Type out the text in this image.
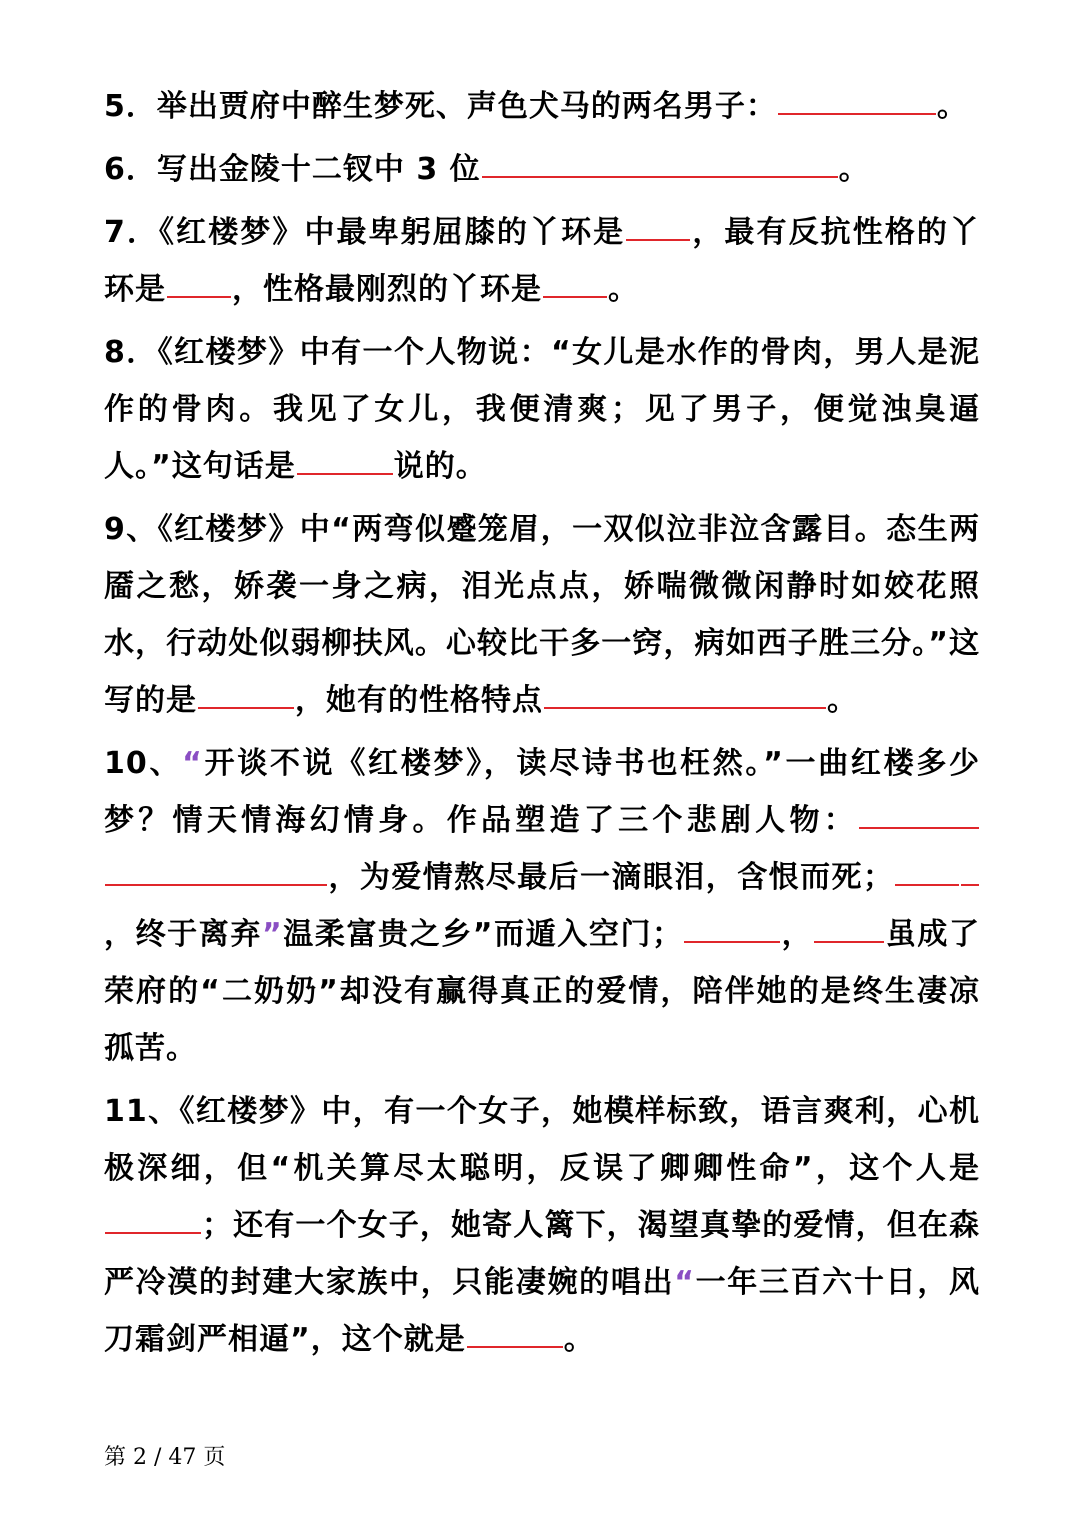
5．举出贾府中醉生梦死、声色犬马的两名男子：	。

6．写出金陵十二钗中 3 位	。

7．《红楼梦》中最卑躬屈膝的丫环是 ，最有反抗性格的丫环是 ，性格最刚烈的丫环是 。

8．《红楼梦》中有一个人物说：“女儿是水作的骨肉，男人是泥作的骨肉。我见了女儿，我便清爽；见了男子，便觉浊臭逼人。”这句话是	说的。

9、《红楼梦》中“两弯似蹙笼眉，一双似泣非泣含露目。态生两靥之愁，娇袭一身之病，泪光点点，娇喘微微闲静时如姣花照水，行动处似弱柳扶风。心较比干多一窍，病如西子胜三分。”这写的是	，她有的性格特点	。

10、“开谈不说《红楼梦》，读尽诗书也枉然。”一曲红楼多少梦？情天情海幻情身。作品塑造了三个悲剧人物：，为爱情熬尽最后一滴眼泪，含恨而死；，终于离弃”温柔富贵之乡”而遁入空门；	， 虽成了荣府的“二奶奶”却没有赢得真正的爱情，陪伴她的是终生凄凉孤苦。

11、《红楼梦》中，有一个女子，她模样标致，语言爽利，心机极深细，但“机关算尽太聪明，反误了卿卿性命”，这个人是；还有一个女子，她寄人篱下，渴望真挚的爱情，但在森严冷漠的封建大家族中，只能凄婉的唱出“一年三百六十日，风刀霜剑严相逼”，这个就是	。

第 2 / 47 页
